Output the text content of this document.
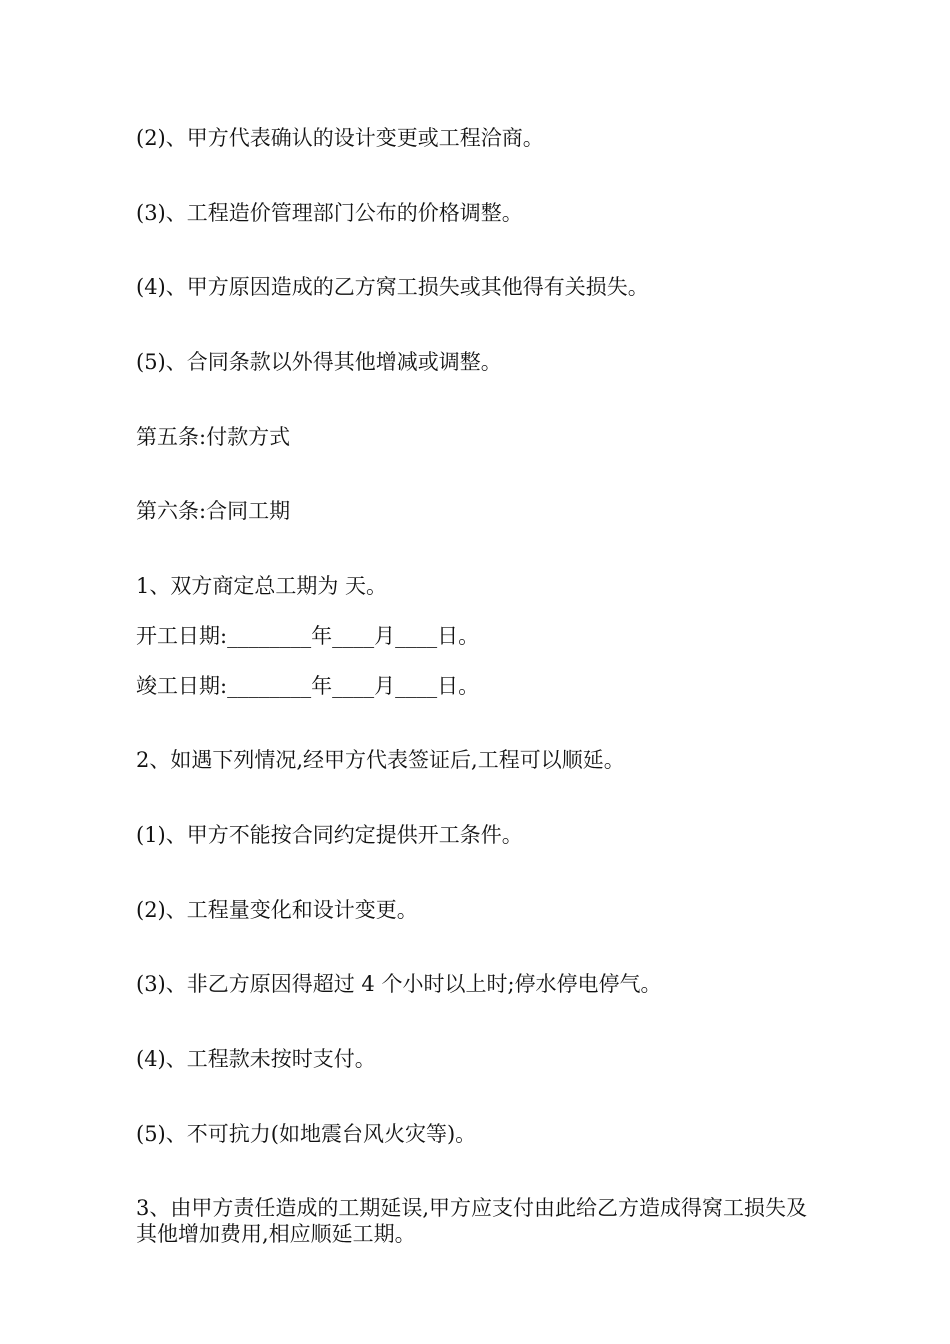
(2)、甲方代表确认的设计变更或工程洽商。
(3)、工程造价管理部门公布的价格调整。
(4)、甲方原因造成的乙方窝工损失或其他得有关损失。
(5)、合同条款以外得其他增减或调整。
第五条:付款方式
第六条:合同工期
1、双方商定总工期为 天。
开工日期:________年____月____日。
竣工日期:________年____月____日。
2、如遇下列情况,经甲方代表签证后,工程可以顺延。
(1)、甲方不能按合同约定提供开工条件。
(2)、工程量变化和设计变更。
(3)、非乙方原因得超过 4 个小时以上时;停水停电停气。
(4)、工程款未按时支付。
(5)、不可抗力(如地震台风火灾等)。
3、由甲方责任造成的工期延误,甲方应支付由此给乙方造成得窝工损失及其他增加费用,相应顺延工期。
